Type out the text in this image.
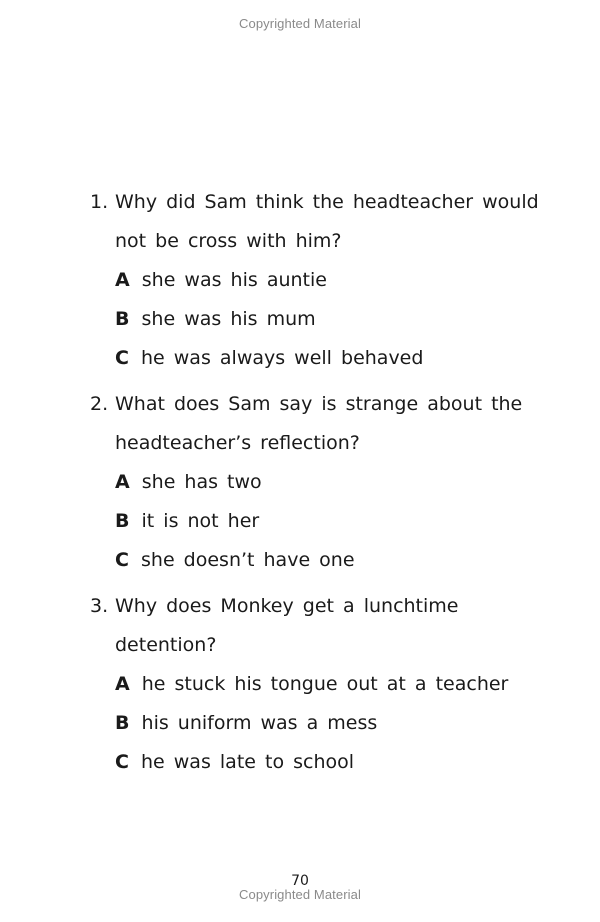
Copyrighted Material
1. Why did Sam think the headteacher would not be cross with him?
A she was his auntie
B she was his mum
C he was always well behaved
2. What does Sam say is strange about the headteacher’s reflection?
A she has two
B it is not her
C she doesn’t have one
3. Why does Monkey get a lunchtime detention?
A he stuck his tongue out at a teacher
B his uniform was a mess
C he was late to school
70
Copyrighted Material
